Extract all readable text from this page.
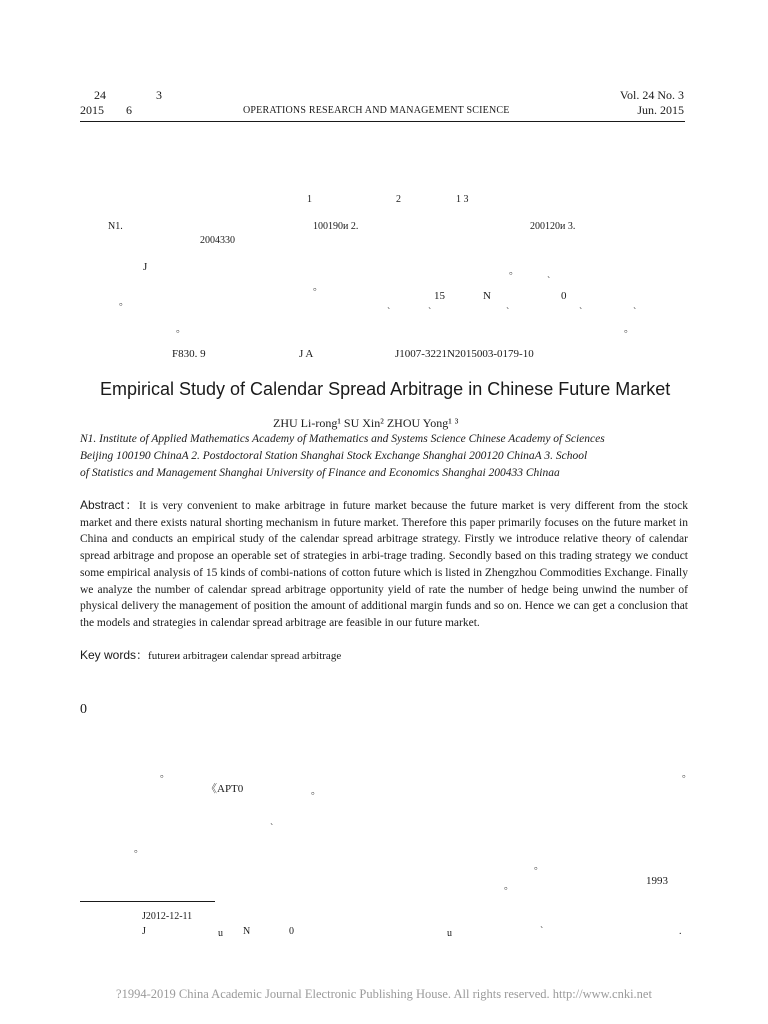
24	3
2015 6	OPERATIONS RESEARCH AND MANAGEMENT SCIENCE
Vol. 24 No. 3
Jun. 2015
1	2	1 3
N1.	100190и 2.	200120и 3.
2004330
J	。
ˋ
。
15	N	0
。
ˋ	ˋ	ˋ	ˋ	ˋ
。	。
F830. 9	J A	J1007-3221N2015003-0179-10
Empirical Study of Calendar Spread Arbitrage in Chinese Future Market
ZHU Li-rong¹ SU Xin² ZHOU Yong¹ ³
N1. Institute of Applied Mathematics Academy of Mathematics and Systems Science Chinese Academy of Sciences
Beijing 100190 ChinaA 2. Postdoctoral Station Shanghai Stock Exchange Shanghai 200120 ChinaA 3. School
of Statistics and Management Shanghai University of Finance and Economics Shanghai 200433 Chinaa
Abstract：It is very convenient to make arbitrage in future market because the future market is very different from the stock market and there exists natural shorting mechanism in future market. Therefore this paper primarily focuses on the future market in China and conducts an empirical study of the calendar spread arbitrage strategy. Firstly we introduce relative theory of calendar spread arbitrage and propose an operable set of strategies in arbi-trage trading. Secondly based on this trading strategy we conduct some empirical analysis of 15 kinds of combi-nations of cotton future which is listed in Zhengzhou Commodities Exchange. Finally we analyze the number of calendar spread arbitrage opportunity yield of rate the number of hedge being unwind the number of physical delivery the management of position the amount of additional margin funds and so on. Hence we can get a conclusion that the models and strategies in calendar spread arbitrage are feasible in our future market.
Key words：futureи arbitrageи calendar spread arbitrage
0
。	。
《APT0	。
ˋ
。
。
。	1993
J2012-12-11
J	u N	0	u	ˋ	.
?1994-2019 China Academic Journal Electronic Publishing House. All rights reserved. http://www.cnki.net
